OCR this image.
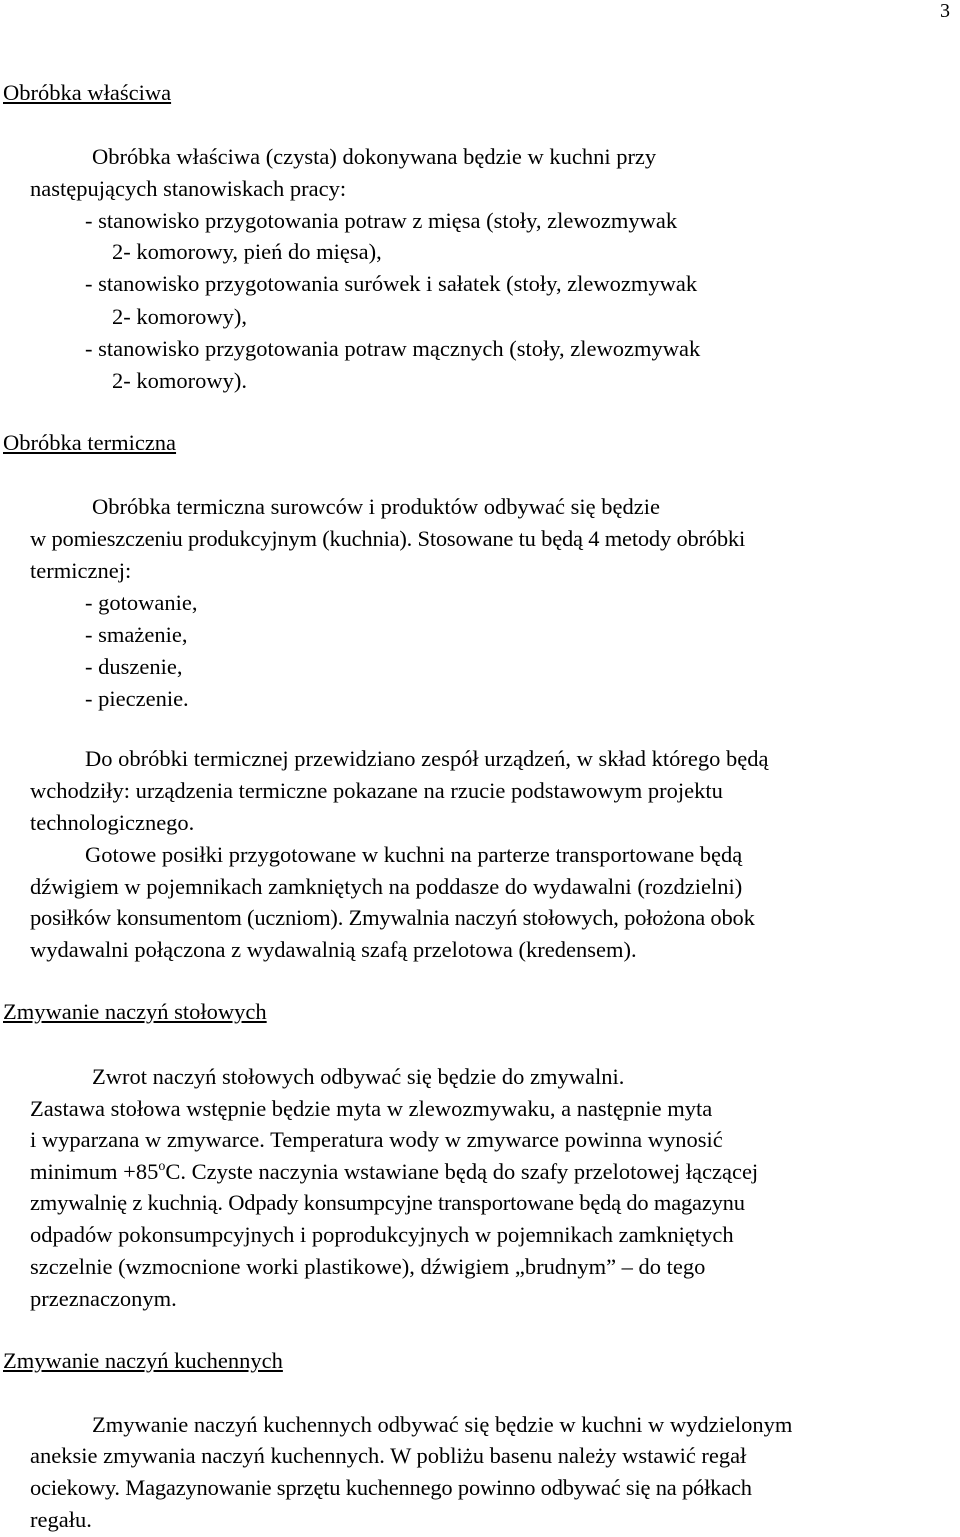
3
Obróbka właściwa
Obróbka właściwa (czysta) dokonywana będzie w kuchni przy
następujących stanowiskach pracy:
- stanowisko przygotowania potraw z mięsa (stoły, zlewozmywak
2- komorowy, pień do mięsa),
- stanowisko przygotowania surówek i sałatek (stoły, zlewozmywak
2- komorowy),
- stanowisko przygotowania potraw mącznych (stoły, zlewozmywak
2- komorowy).
Obróbka termiczna
Obróbka termiczna surowców i produktów odbywać się będzie
w pomieszczeniu produkcyjnym (kuchnia). Stosowane tu będą 4 metody obróbki
termicznej:
- gotowanie,
- smażenie,
- duszenie,
- pieczenie.
Do obróbki termicznej przewidziano zespół urządzeń, w skład którego będą
wchodziły: urządzenia termiczne pokazane na rzucie podstawowym projektu
technologicznego.
Gotowe posiłki przygotowane w kuchni na parterze transportowane będą
dźwigiem w pojemnikach zamkniętych na poddasze do wydawalni (rozdzielni)
posiłków konsumentom (uczniom). Zmywalnia naczyń stołowych, położona obok
wydawalni połączona z wydawalnią szafą przelotowa (kredensem).
Zmywanie naczyń stołowych
Zwrot naczyń stołowych odbywać się będzie do zmywalni.
Zastawa stołowa wstępnie będzie myta w zlewozmywaku, a następnie myta
i wyparzana w zmywarce. Temperatura wody w zmywarce powinna wynosić
minimum $+85^oC$. Czyste naczynia wstawiane będą do szafy przelotowej łączącej
zmywalnię z kuchnią. Odpady konsumpcyjne transportowane będą do magazynu
odpadów pokonsumpcyjnych i poprodukcyjnych w pojemnikach zamkniętych
szczelnie (wzmocnione worki plastikowe), dźwigiem „brudnym” – do tego
przeznaczonym.
Zmywanie naczyń kuchennych
Zmywanie naczyń kuchennych odbywać się będzie w kuchni w wydzielonym
aneksie zmywania naczyń kuchennych. W pobliżu basenu należy wstawić regał
ociekowy. Magazynowanie sprzętu kuchennego powinno odbywać się na półkach
regału.
